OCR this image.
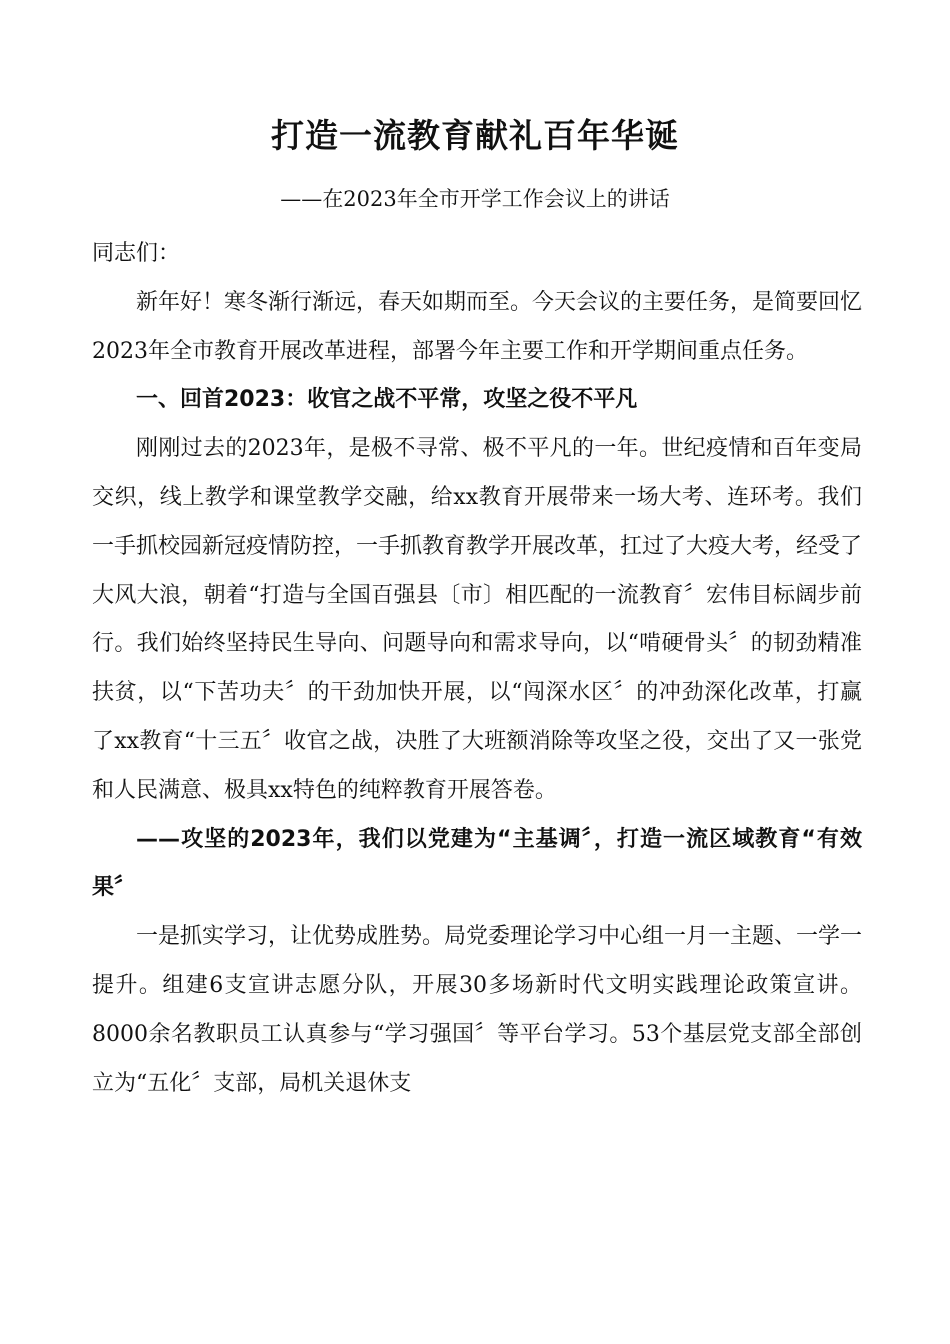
打造一流教育献礼百年华诞
——在2023年全市开学工作会议上的讲话

同志们：

新年好！寒冬渐行渐远，春天如期而至。今天会议的主要任务，是简要回忆2023年全市教育开展改革进程，部署今年主要工作和开学期间重点任务。

一、回首2023：收官之战不平常，攻坚之役不平凡

刚刚过去的2023年，是极不寻常、极不平凡的一年。世纪疫情和百年变局交织，线上教学和课堂教学交融，给xx教育开展带来一场大考、连环考。我们一手抓校园新冠疫情防控，一手抓教育教学开展改革，扛过了大疫大考，经受了大风大浪，朝着“打造与全国百强县〔市〕相匹配的一流教育〞宏伟目标阔步前行。我们始终坚持民生导向、问题导向和需求导向，以“啃硬骨头〞的韧劲精准扶贫，以“下苦功夫〞的干劲加快开展，以“闯深水区〞的冲劲深化改革，打赢了xx教育“十三五〞收官之战，决胜了大班额消除等攻坚之役，交出了又一张党和人民满意、极具xx特色的纯粹教育开展答卷。

——攻坚的2023年，我们以党建为“主基调〞，打造一流区域教育“有效果〞

一是抓实学习，让优势成胜势。局党委理论学习中心组一月一主题、一学一提升。组建6支宣讲志愿分队，开展30多场新时代文明实践理论政策宣讲。8000余名教职员工认真参与“学习强国〞等平台学习。53个基层党支部全部创立为“五化〞支部，局机关退休支
